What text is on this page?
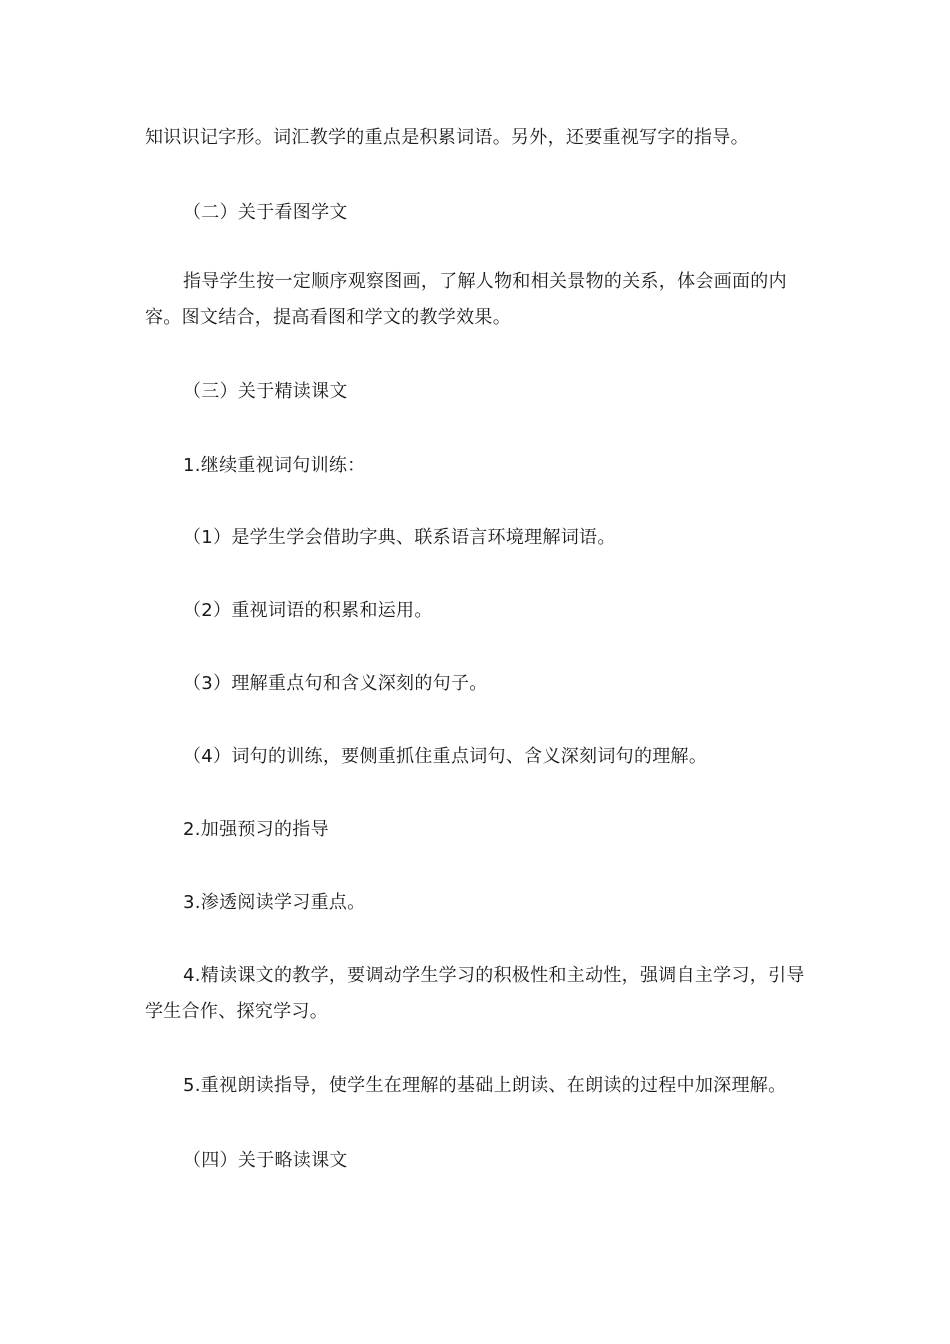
知识识记字形。词汇教学的重点是积累词语。另外，还要重视写字的指导。

（二）关于看图学文

指导学生按一定顺序观察图画，了解人物和相关景物的关系，体会画面的内容。图文结合，提高看图和学文的教学效果。

（三）关于精读课文

1.继续重视词句训练：

（1）是学生学会借助字典、联系语言环境理解词语。

（2）重视词语的积累和运用。

（3）理解重点句和含义深刻的句子。

（4）词句的训练，要侧重抓住重点词句、含义深刻词句的理解。

2.加强预习的指导

3.渗透阅读学习重点。

4.精读课文的教学，要调动学生学习的积极性和主动性，强调自主学习，引导学生合作、探究学习。

5.重视朗读指导，使学生在理解的基础上朗读、在朗读的过程中加深理解。

（四）关于略读课文
